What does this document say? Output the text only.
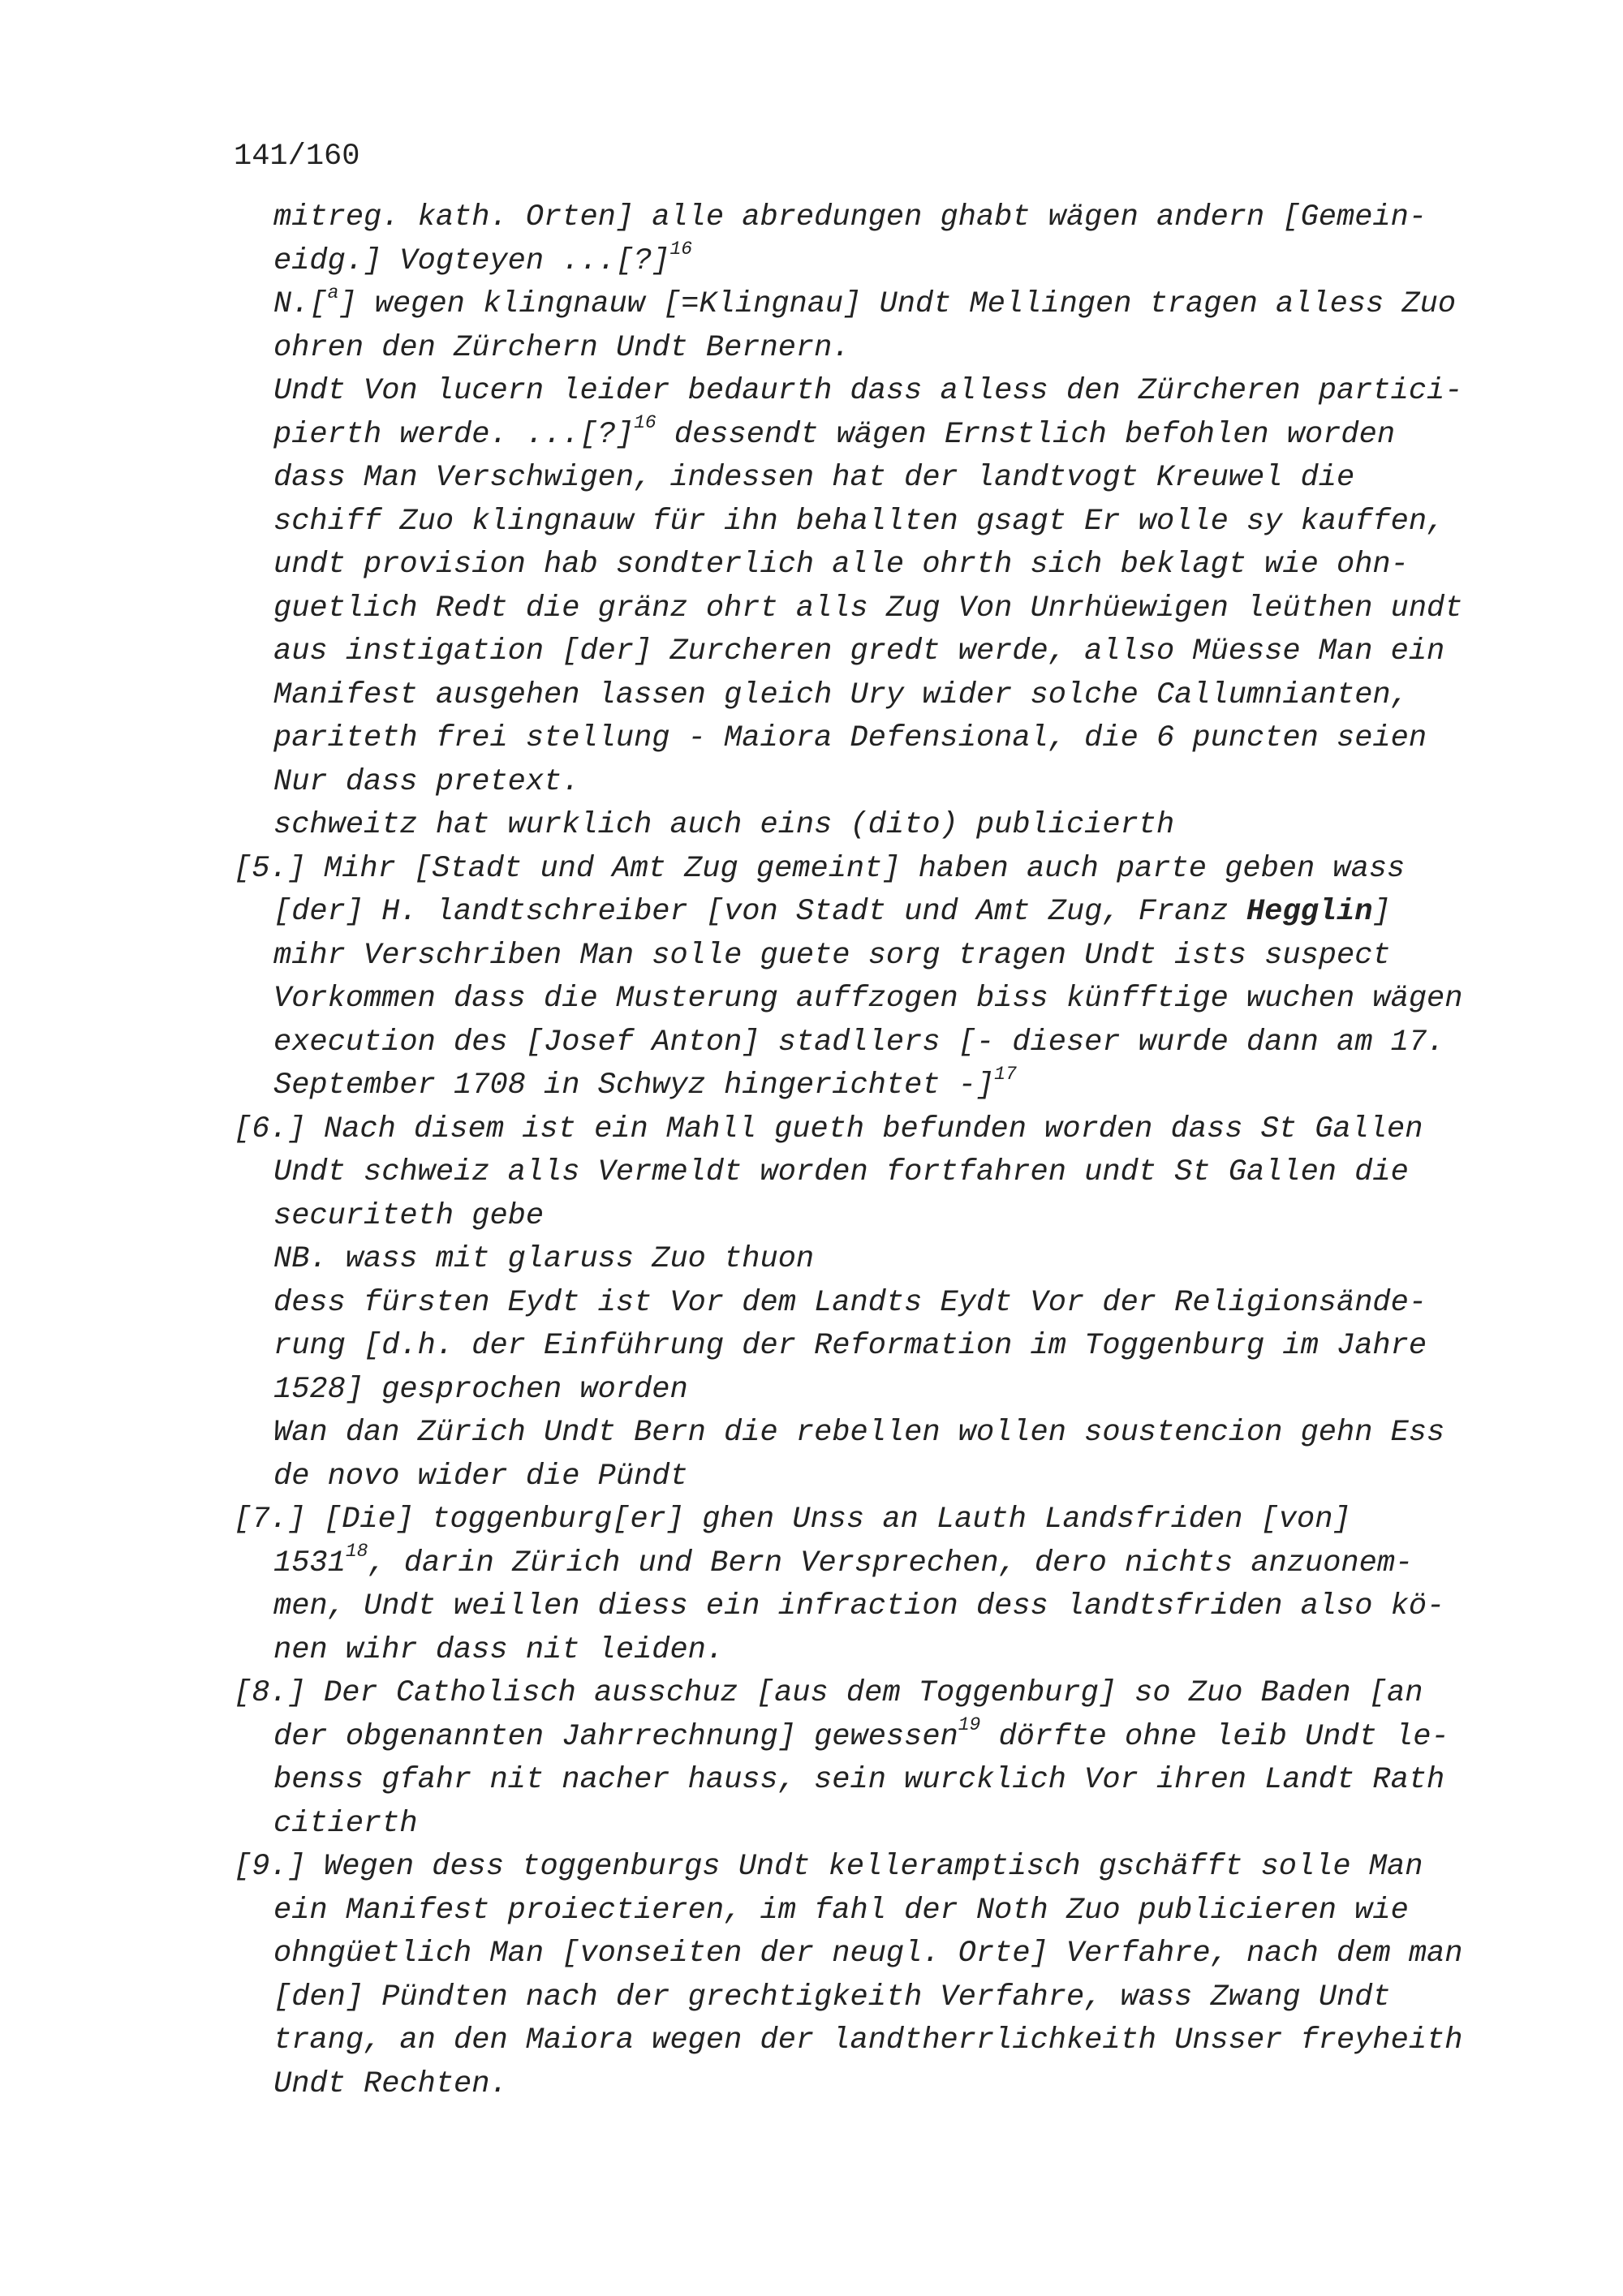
141/160
mitreg. kath. Orten] alle abredungen ghabt wägen andern [Gemein-
eidg.] Vogteyen ...[?]$^{16}$
N.[$^a$] wegen klingnauw [=Klingnau] Undt Mellingen tragen alless Zuo
ohren den Zürchern Undt Bernern.
Undt Von lucern leider bedaurth dass alless den Zürcheren partici-
pierth werde. ...[?]$^{16}$ dessendt wägen Ernstlich befohlen worden
dass Man Verschwigen, indessen hat der landtvogt Kreuwel die
schiff Zuo klingnauw für ihn behallten gsagt Er wolle sy kauffen,
undt provision hab sondterlich alle ohrth sich beklagt wie ohn-
guetlich Redt die gränz ohrt alls Zug Von Unrhüewigen leüthen undt
aus instigation [der] Zurcheren gredt werde, allso Müesse Man ein
Manifest ausgehen lassen gleich Ury wider solche Callumnianten,
pariteth frei stellung - Maiora Defensional, die 6 puncten seien
Nur dass pretext.
schweitz hat wurklich auch eins (dito) publicierth
[5.] Mihr [Stadt und Amt Zug gemeint] haben auch parte geben wass
[der] H. landtschreiber [von Stadt und Amt Zug, Franz Hegglin]
mihr Verschriben Man solle guete sorg tragen Undt ists suspect
Vorkommen dass die Musterung auffzogen biss künfftige wuchen wägen
execution des [Josef Anton] stadllers [- dieser wurde dann am 17.
September 1708 in Schwyz hingerichtet -]$^{17}$
[6.] Nach disem ist ein Mahll gueth befunden worden dass St Gallen
Undt schweiz alls Vermeldt worden fortfahren undt St Gallen die
securiteth gebe
NB. wass mit glaruss Zuo thuon
dess fürsten Eydt ist Vor dem Landts Eydt Vor der Religionsände-
rung [d.h. der Einführung der Reformation im Toggenburg im Jahre
1528] gesprochen worden
Wan dan Zürich Undt Bern die rebellen wollen soustencion gehn Ess
de novo wider die Pündt
[7.] [Die] toggenburg[er] ghen Unss an Lauth Landsfriden [von]
1531$^{18}$, darin Zürich und Bern Versprechen, dero nichts anzuonem-
men, Undt weillen diess ein infraction dess landtsfriden also kö-
nen wihr dass nit leiden.
[8.] Der Catholisch ausschuz [aus dem Toggenburg] so Zuo Baden [an
der obgenannten Jahrrechnung] gewessen$^{19}$ dörfte ohne leib Undt le-
benss gfahr nit nacher hauss, sein wurcklich Vor ihren Landt Rath
citierth
[9.] Wegen dess toggenburgs Undt kelleramptisch gschäfft solle Man
ein Manifest proiectieren, im fahl der Noth Zuo publicieren wie
ohngüetlich Man [vonseiten der neugl. Orte] Verfahre, nach dem man
[den] Pündten nach der grechtigkeith Verfahre, wass Zwang Undt
trang, an den Maiora wegen der landtherrlichkeith Unsser freyheith
Undt Rechten.
